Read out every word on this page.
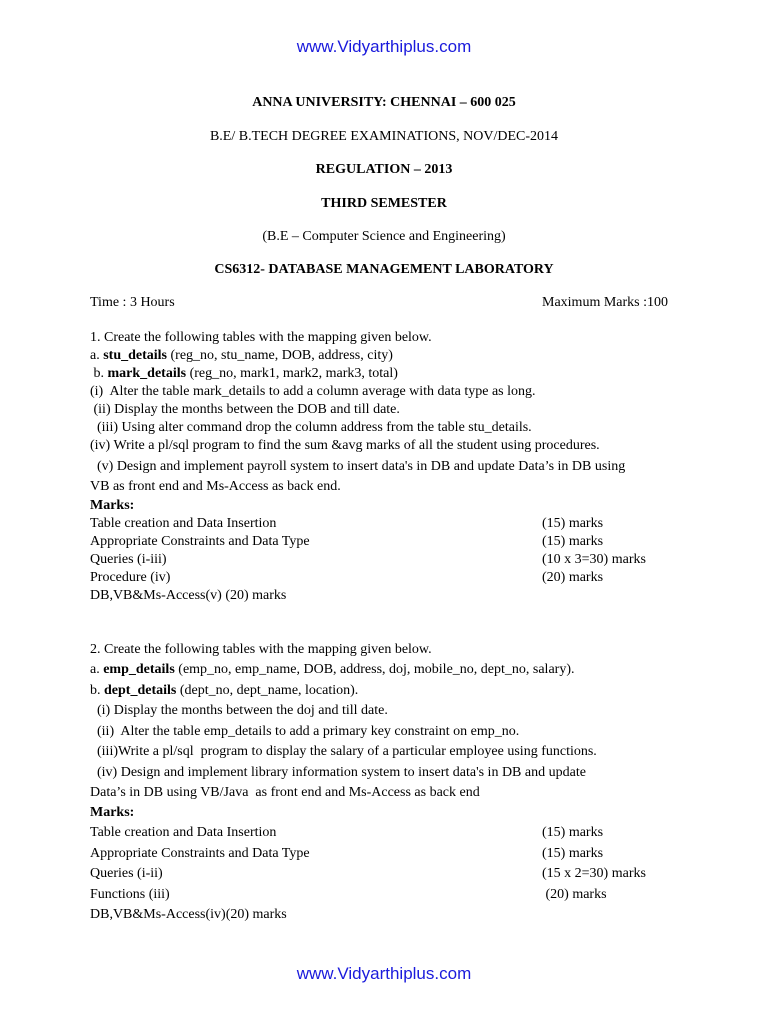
www.Vidyarthiplus.com
ANNA UNIVERSITY: CHENNAI – 600 025
B.E/ B.TECH DEGREE EXAMINATIONS, NOV/DEC-2014
REGULATION – 2013
THIRD SEMESTER
(B.E – Computer Science and Engineering)
CS6312- DATABASE MANAGEMENT LABORATORY
Time : 3 Hours	Maximum Marks :100
1. Create the following tables with the mapping given below.
a. stu_details (reg_no, stu_name, DOB, address, city)
b. mark_details (reg_no, mark1, mark2, mark3, total)
(i)  Alter the table mark_details to add a column average with data type as long.
(ii) Display the months between the DOB and till date.
(iii) Using alter command drop the column address from the table stu_details.
(iv) Write a pl/sql program to find the sum &avg marks of all the student using procedures.
(v) Design and implement payroll system to insert data's in DB and update Data’s in DB using
VB as front end and Ms-Access as back end.
Marks:
Table creation and Data Insertion	(15) marks
Appropriate Constraints and Data Type	(15) marks
Queries (i-iii)	(10 x 3=30) marks
Procedure (iv)	(20) marks
DB,VB&Ms-Access(v) (20) marks
2. Create the following tables with the mapping given below.
a. emp_details (emp_no, emp_name, DOB, address, doj, mobile_no, dept_no, salary).
b. dept_details (dept_no, dept_name, location).
(i) Display the months between the doj and till date.
(ii)  Alter the table emp_details to add a primary key constraint on emp_no.
(iii)Write a pl/sql  program to display the salary of a particular employee using functions.
(iv) Design and implement library information system to insert data's in DB and update
Data’s in DB using VB/Java  as front end and Ms-Access as back end
Marks:
Table creation and Data Insertion	(15) marks
Appropriate Constraints and Data Type	(15) marks
Queries (i-ii)	(15 x 2=30) marks
Functions (iii)	(20) marks
DB,VB&Ms-Access(iv)(20) marks
www.Vidyarthiplus.com
